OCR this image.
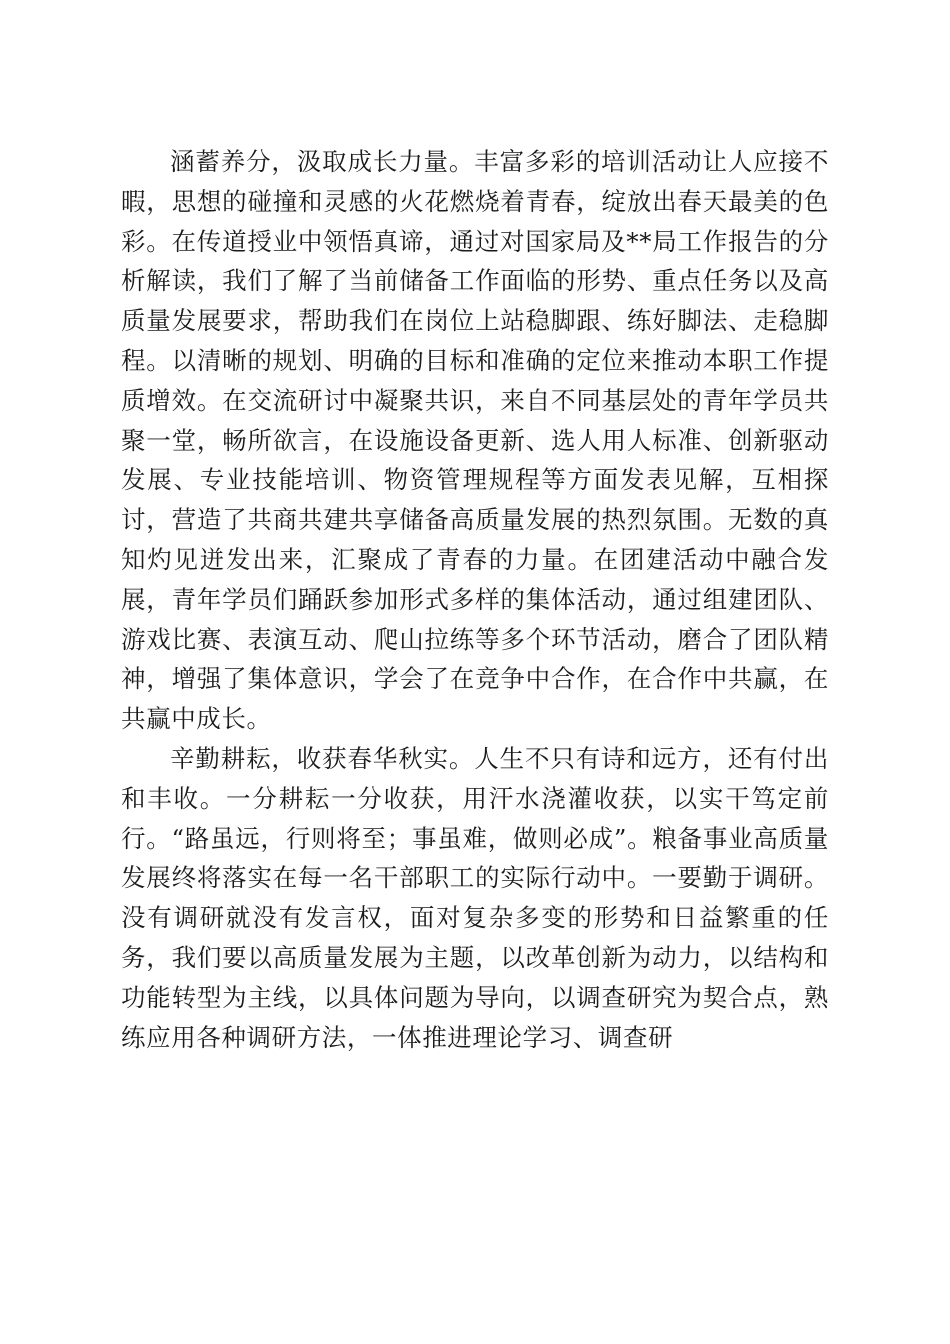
涵蓄养分，汲取成长力量。丰富多彩的培训活动让人应接不暇，思想的碰撞和灵感的火花燃烧着青春，绽放出春天最美的色彩。在传道授业中领悟真谛，通过对国家局及**局工作报告的分析解读，我们了解了当前储备工作面临的形势、重点任务以及高质量发展要求，帮助我们在岗位上站稳脚跟、练好脚法、走稳脚程。以清晰的规划、明确的目标和准确的定位来推动本职工作提质增效。在交流研讨中凝聚共识，来自不同基层处的青年学员共聚一堂，畅所欲言，在设施设备更新、选人用人标准、创新驱动发展、专业技能培训、物资管理规程等方面发表见解，互相探讨，营造了共商共建共享储备高质量发展的热烈氛围。无数的真知灼见迸发出来，汇聚成了青春的力量。在团建活动中融合发展，青年学员们踊跃参加形式多样的集体活动，通过组建团队、游戏比赛、表演互动、爬山拉练等多个环节活动，磨合了团队精神，增强了集体意识，学会了在竞争中合作，在合作中共赢，在共赢中成长。

辛勤耕耘，收获春华秋实。人生不只有诗和远方，还有付出和丰收。一分耕耘一分收获，用汗水浇灌收获，以实干笃定前行。“路虽远，行则将至；事虽难，做则必成”。粮备事业高质量发展终将落实在每一名干部职工的实际行动中。一要勤于调研。没有调研就没有发言权，面对复杂多变的形势和日益繁重的任务，我们要以高质量发展为主题，以改革创新为动力，以结构和功能转型为主线，以具体问题为导向，以调查研究为契合点，熟练应用各种调研方法，一体推进理论学习、调查研
